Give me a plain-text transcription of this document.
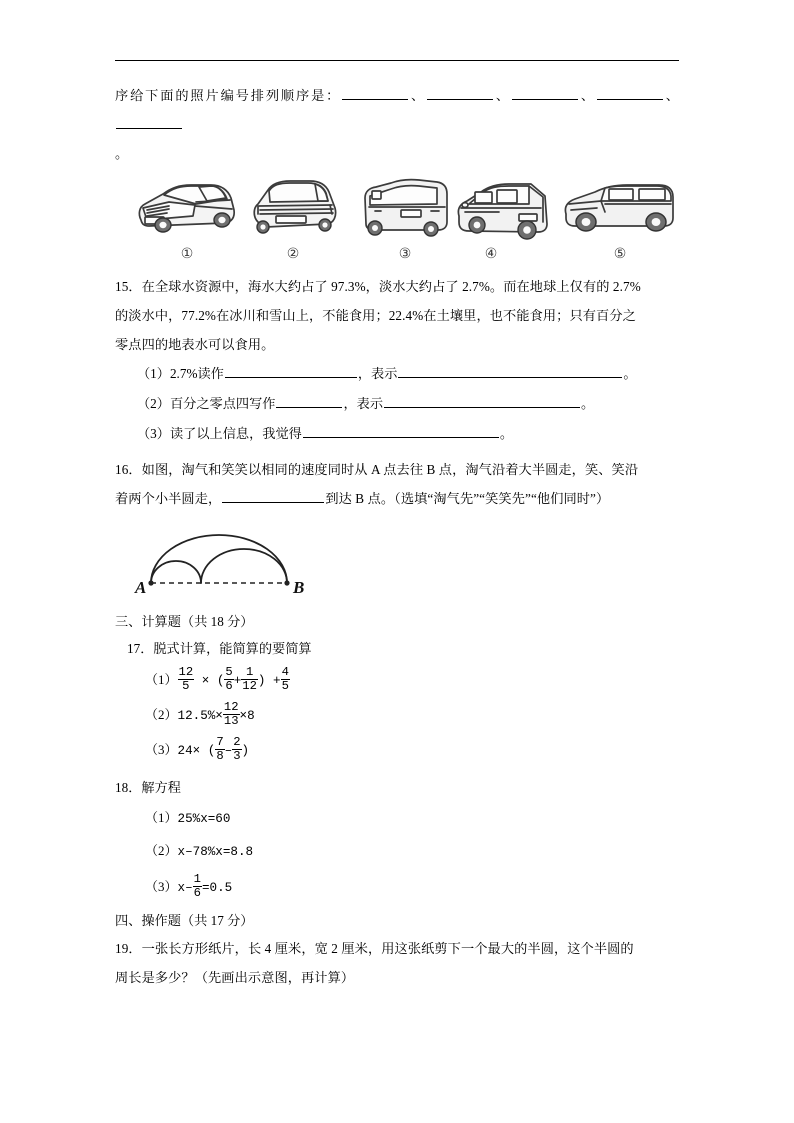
序给下面的照片编号排列顺序是：	、	、	、	、
。
①	②	③	④	⑤
15．在全球水资源中，海水大约占了 97.3%，淡水大约占了 2.7%。而在地球上仅有的 2.7%
的淡水中，77.2%在冰川和雪山上，不能食用；22.4%在土壤里，也不能食用；只有百分之
零点四的地表水可以食用。
（1）2.7%读作	，表示	。
（2）百分之零点四写作	，表示	。
（3）读了以上信息，我觉得	。
16．如图，淘气和笑笑以相同的速度同时从 A 点去往 B 点，淘气沿着大半圆走，笑、笑沿
着两个小半圆走，	到达 B 点。（选填“淘气先”“笑笑先”“他们同时”）
A	B
三、计算题（共 18 分）
17．脱式计算，能简算的要简算
$(1) \frac{12}{5}$ × ( $\frac{5}{6} + \frac{1}{12}$ ) + $\frac{4}{5}$
$(2)12.5\%\times \frac{12}{13} \times 8$
（3）24× ( $\frac{7}{8} - \frac{2}{3}$ )
18．解方程
（1）25%x=60
（2）x–78%x=8.8
$(3)x- \frac{1}{6} =0.5$
四、操作题（共 17 分）
19．一张长方形纸片，长 4 厘米，宽 2 厘米，用这张纸剪下一个最大的半圆，这个半圆的
周长是多少？（先画出示意图，再计算）
